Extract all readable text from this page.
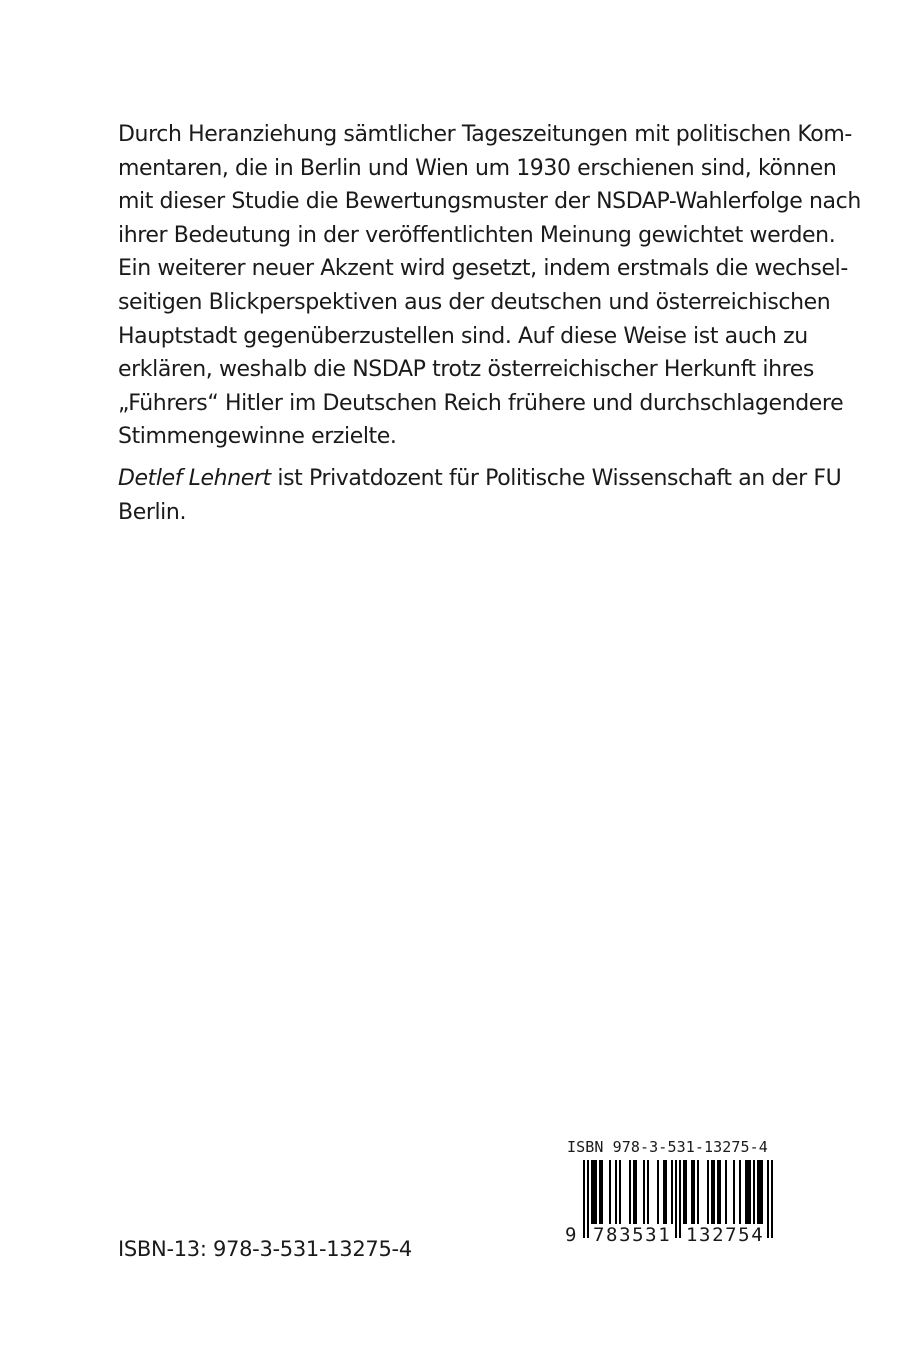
Durch Heranziehung sämtlicher Tageszeitungen mit politischen Kom-
mentaren, die in Berlin und Wien um 1930 erschienen sind, können
mit dieser Studie die Bewertungsmuster der NSDAP-Wahlerfolge nach
ihrer Bedeutung in der veröffentlichten Meinung gewichtet werden.
Ein weiterer neuer Akzent wird gesetzt, indem erstmals die wechsel-
seitigen Blickperspektiven aus der deutschen und österreichischen
Hauptstadt gegenüberzustellen sind. Auf diese Weise ist auch zu
erklären, weshalb die NSDAP trotz österreichischer Herkunft ihres
„Führers“ Hitler im Deutschen Reich frühere und durchschlagendere
Stimmengewinne erzielte.
Detlef Lehnert ist Privatdozent für Politische Wissenschaft an der FU
Berlin.
ISBN-13: 978-3-531-13275-4
ISBN 978-3-531-13275-4
9 783531 132754
